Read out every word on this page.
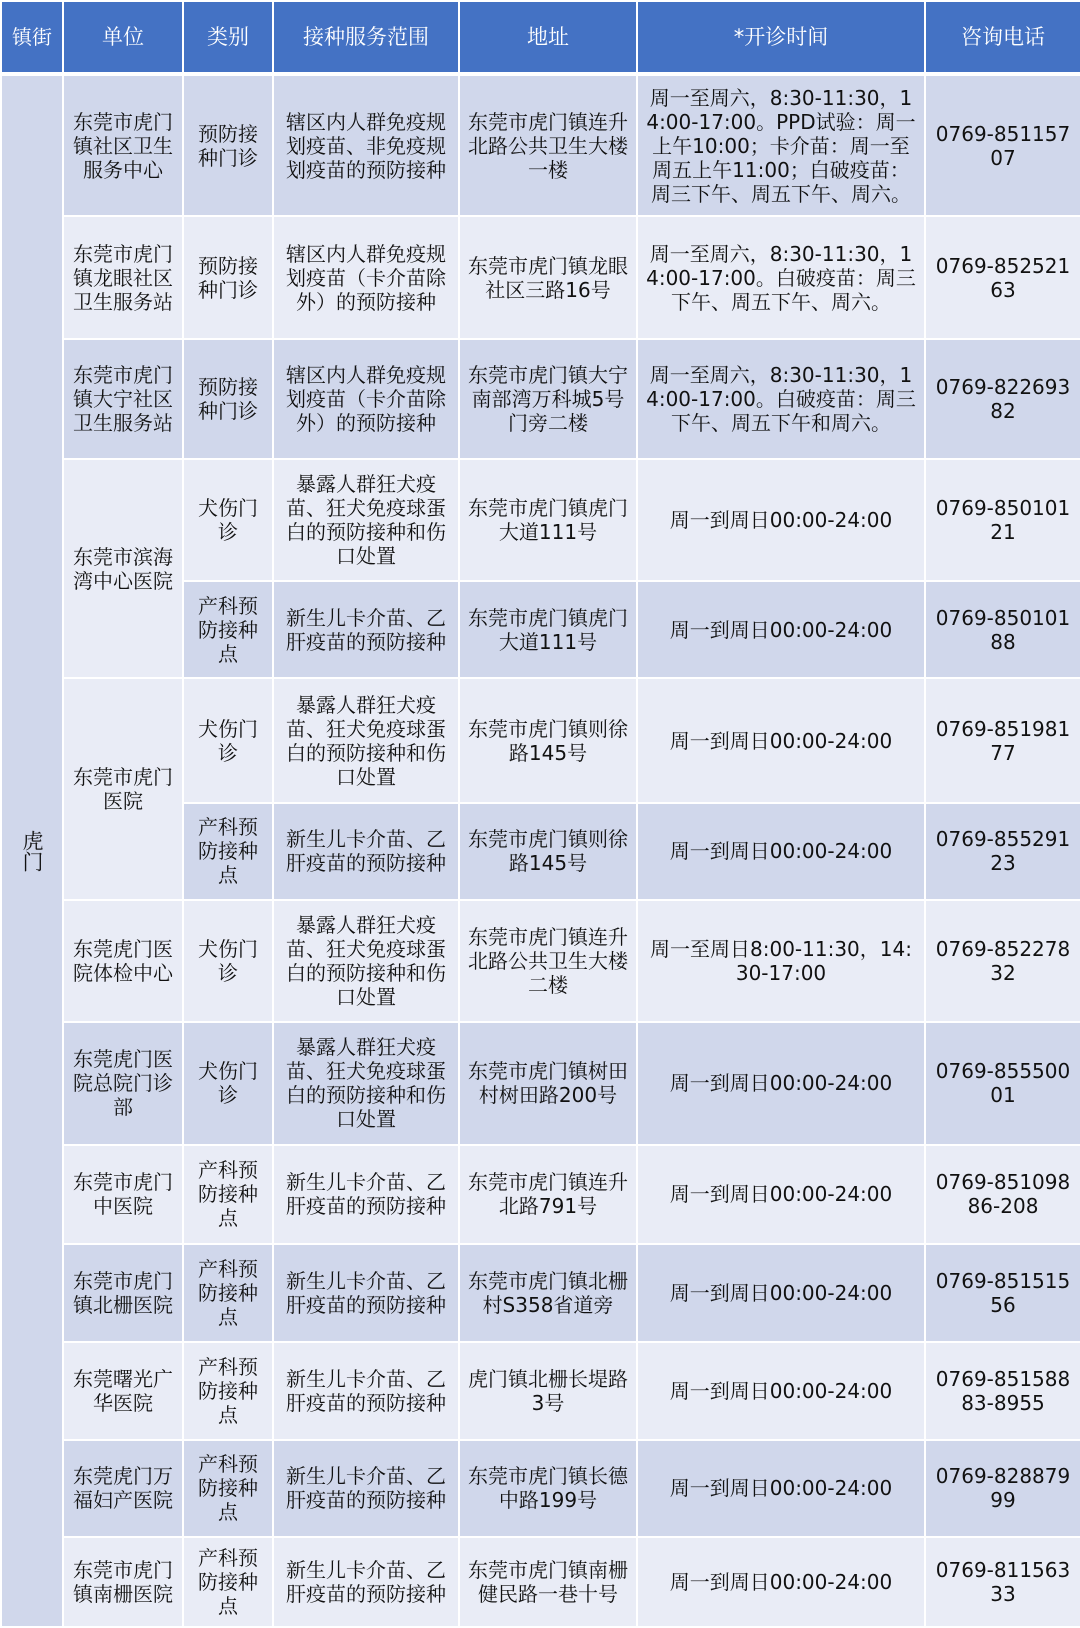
镇街	单位	类别	接种服务范围	地址	*开诊时间	咨询电话
虎门	东莞市虎门镇社区卫生服务中心	预防接种门诊	辖区内人群免疫规划疫苗、非免疫规划疫苗的预防接种	东莞市虎门镇连升北路公共卫生大楼一楼	周一至周六，8:30-11:30，14:00-17:00。PPD试验：周一上午10:00；卡介苗：周一至周五上午11:00；白破疫苗：周三下午、周五下午、周六。	0769-85115707
	东莞市虎门镇龙眼社区卫生服务站	预防接种门诊	辖区内人群免疫规划疫苗（卡介苗除外）的预防接种	东莞市虎门镇龙眼社区三路16号	周一至周六，8:30-11:30，14:00-17:00。白破疫苗：周三下午、周五下午、周六。	0769-85252163
	东莞市虎门镇大宁社区卫生服务站	预防接种门诊	辖区内人群免疫规划疫苗（卡介苗除外）的预防接种	东莞市虎门镇大宁南部湾万科城5号门旁二楼	周一至周六，8:30-11:30，14:00-17:00。白破疫苗：周三下午、周五下午和周六。	0769-82269382
	东莞市滨海湾中心医院	犬伤门诊	暴露人群狂犬疫苗、狂犬免疫球蛋白的预防接种和伤口处置	东莞市虎门镇虎门大道111号	周一到周日00:00-24:00	0769-85010121
		产科预防接种点	新生儿卡介苗、乙肝疫苗的预防接种	东莞市虎门镇虎门大道111号	周一到周日00:00-24:00	0769-85010188
	东莞市虎门医院	犬伤门诊	暴露人群狂犬疫苗、狂犬免疫球蛋白的预防接种和伤口处置	东莞市虎门镇则徐路145号	周一到周日00:00-24:00	0769-85198177
		产科预防接种点	新生儿卡介苗、乙肝疫苗的预防接种	东莞市虎门镇则徐路145号	周一到周日00:00-24:00	0769-85529123
	东莞虎门医院体检中心	犬伤门诊	暴露人群狂犬疫苗、狂犬免疫球蛋白的预防接种和伤口处置	东莞市虎门镇连升北路公共卫生大楼二楼	周一至周日8:00-11:30，14:30-17:00	0769-85227832
	东莞虎门医院总院门诊部	犬伤门诊	暴露人群狂犬疫苗、狂犬免疫球蛋白的预防接种和伤口处置	东莞市虎门镇树田村树田路200号	周一到周日00:00-24:00	0769-85550001
	东莞市虎门中医院	产科预防接种点	新生儿卡介苗、乙肝疫苗的预防接种	东莞市虎门镇连升北路791号	周一到周日00:00-24:00	0769-85109886-208
	东莞市虎门镇北栅医院	产科预防接种点	新生儿卡介苗、乙肝疫苗的预防接种	东莞市虎门镇北栅村S358省道旁	周一到周日00:00-24:00	0769-85151556
	东莞曙光广华医院	产科预防接种点	新生儿卡介苗、乙肝疫苗的预防接种	虎门镇北栅长堤路3号	周一到周日00:00-24:00	0769-85158883-8955
	东莞虎门万福妇产医院	产科预防接种点	新生儿卡介苗、乙肝疫苗的预防接种	东莞市虎门镇长德中路199号	周一到周日00:00-24:00	0769-82887999
	东莞市虎门镇南栅医院	产科预防接种点	新生儿卡介苗、乙肝疫苗的预防接种	东莞市虎门镇南栅健民路一巷十号	周一到周日00:00-24:00	0769-81156333
